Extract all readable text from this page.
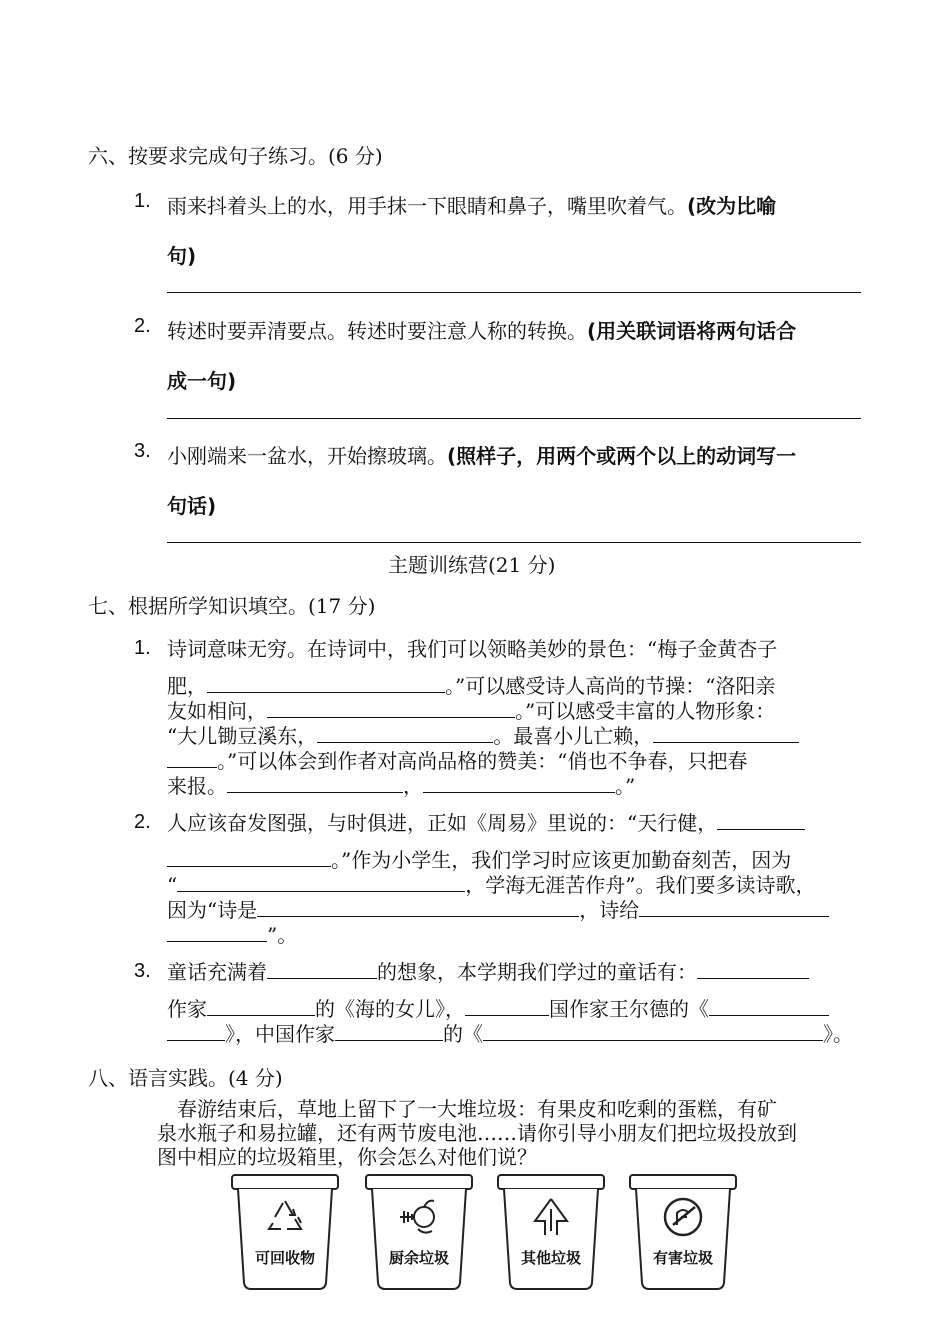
六、按要求完成句子练习。(6 分)
1. 雨来抖着头上的水，用手抹一下眼睛和鼻子，嘴里吹着气。(改为比喻
句)
2. 转述时要弄清要点。转述时要注意人称的转换。(用关联词语将两句话合
成一句)
3. 小刚端来一盆水，开始擦玻璃。(照样子，用两个或两个以上的动词写一
句话)
主题训练营(21 分)
七、根据所学知识填空。(17 分)
1. 诗词意味无穷。在诗词中，我们可以领略美妙的景色：“梅子金黄杏子
肥，	。”可以感受诗人高尚的节操：“洛阳亲
友如相问，	。”可以感受丰富的人物形象：
“大儿锄豆溪东，	。最喜小儿亡赖，
。”可以体会到作者对高尚品格的赞美：“俏也不争春，只把春
来报。	，	。”
2. 人应该奋发图强，与时俱进，正如《周易》里说的：“天行健，
。”作为小学生，我们学习时应该更加勤奋刻苦，因为
“	，学海无涯苦作舟”。我们要多读诗歌，
因为“诗是	，诗给
”。
3. 童话充满着	的想象，本学期我们学过的童话有：
作家	的《海的女儿》，	国作家王尔德的《
》，中国作家	的《	》。
八、语言实践。(4 分)
春游结束后，草地上留下了一大堆垃圾：有果皮和吃剩的蛋糕，有矿
泉水瓶子和易拉罐，还有两节废电池……请你引导小朋友们把垃圾投放到
图中相应的垃圾箱里，你会怎么对他们说？
可回收物	厨余垃圾	其他垃圾	有害垃圾
